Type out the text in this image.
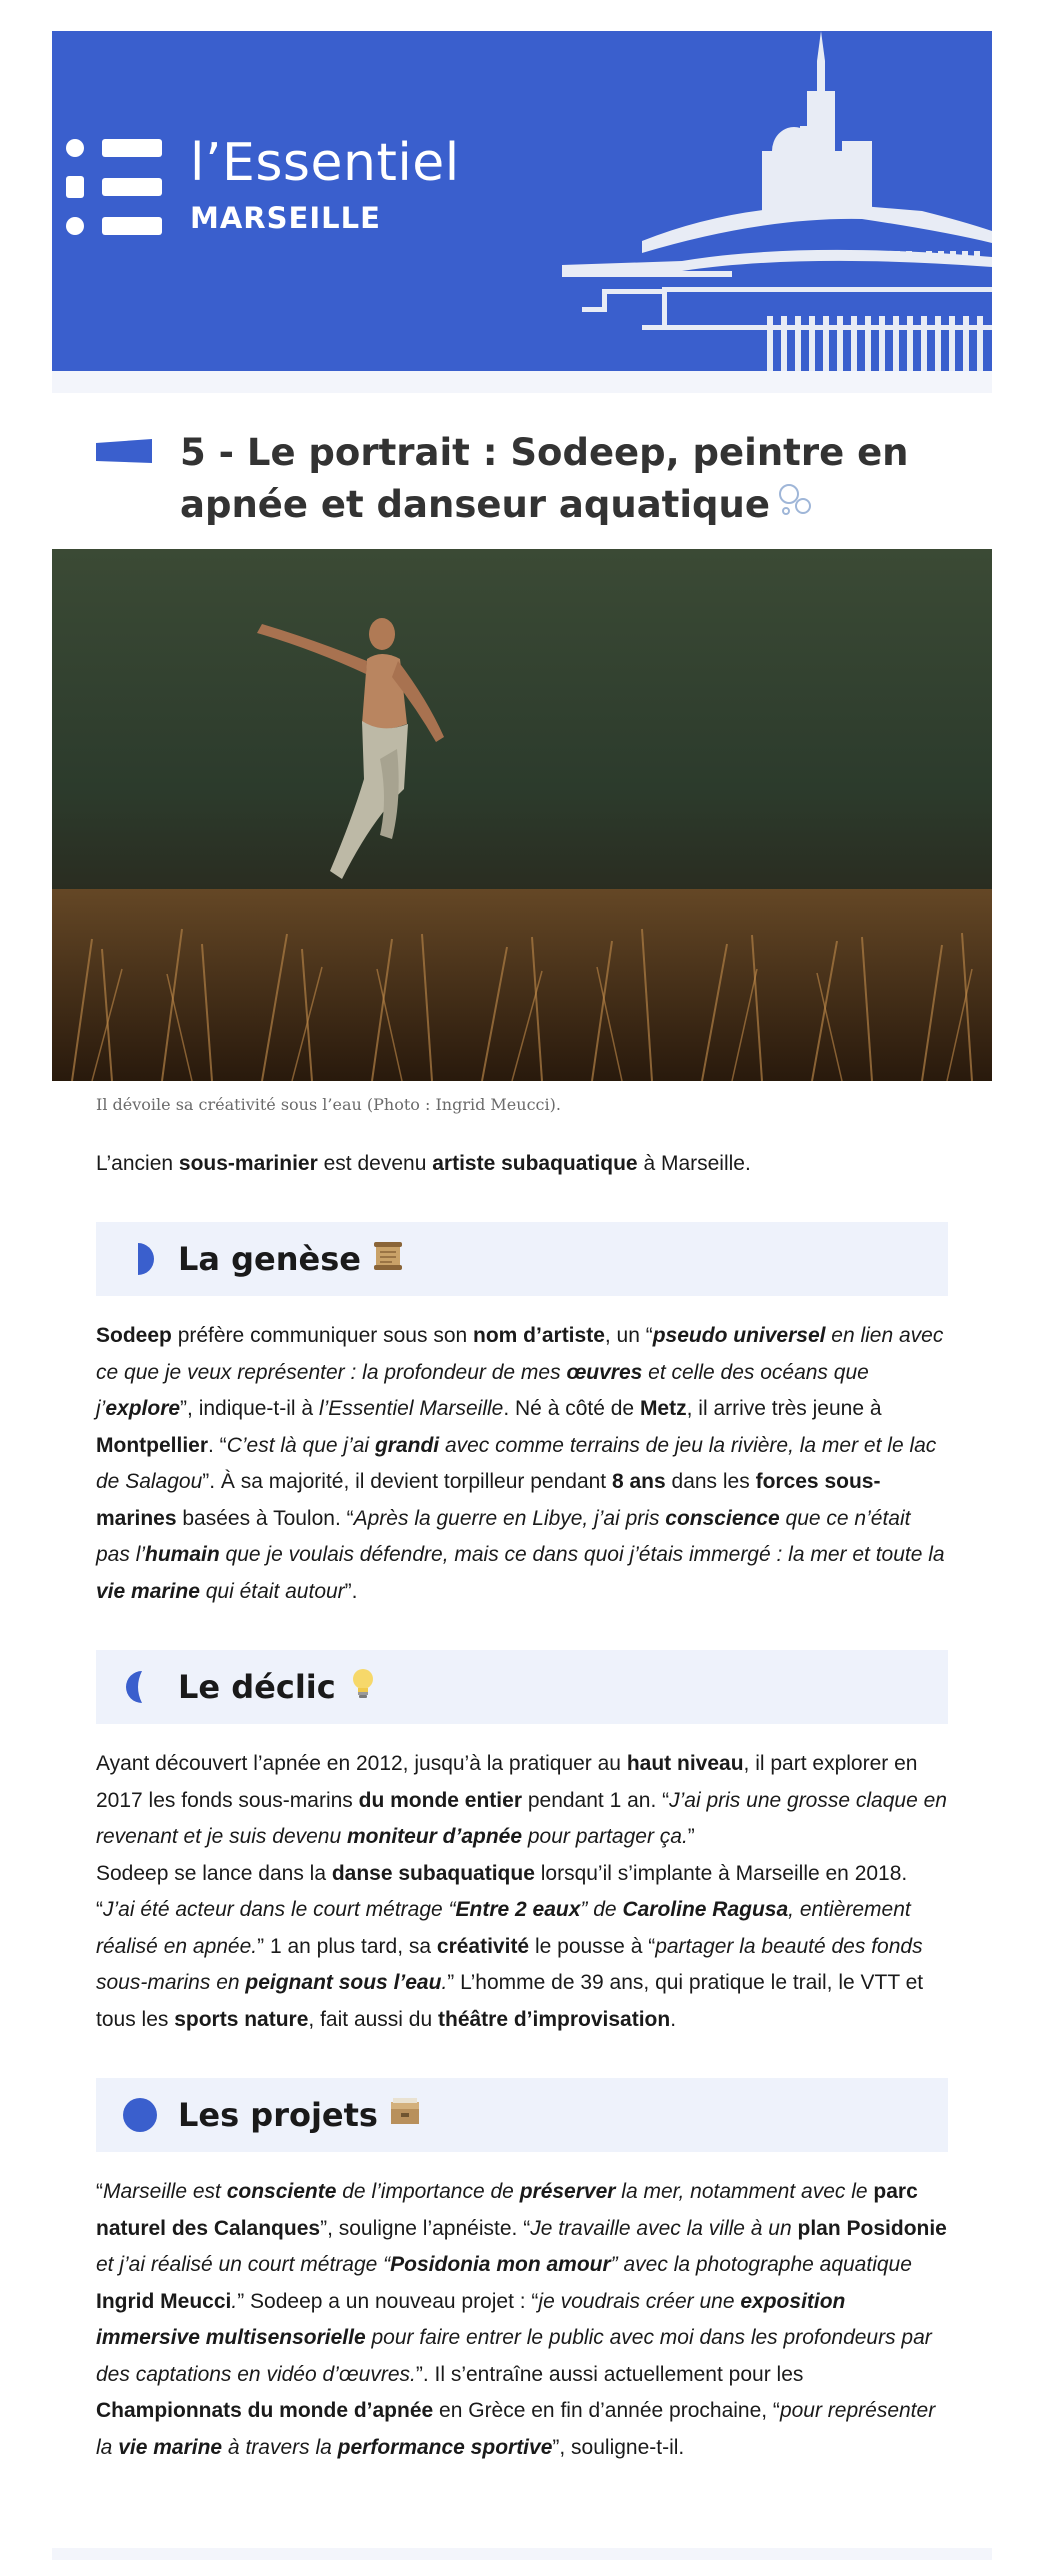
l’Essentiel
MARSEILLE
5 - Le portrait : Sodeep, peintre en apnée et danseur aquatique

Il dévoile sa créativité sous l’eau (Photo : Ingrid Meucci).

L’ancien sous-marinier est devenu artiste subaquatique à Marseille.

La genèse

Sodeep préfère communiquer sous son nom d’artiste, un “pseudo universel en lien avec ce que je veux représenter : la profondeur de mes œuvres et celle des océans que j’explore”, indique-t-il à l’Essentiel Marseille. Né à côté de Metz, il arrive très jeune à Montpellier. “C’est là que j’ai grandi avec comme terrains de jeu la rivière, la mer et le lac de Salagou”. À sa majorité, il devient torpilleur pendant 8 ans dans les forces sous-marines basées à Toulon. “Après la guerre en Libye, j’ai pris conscience que ce n’était pas l’humain que je voulais défendre, mais ce dans quoi j’étais immergé : la mer et toute la vie marine qui était autour”.

Le déclic

Ayant découvert l’apnée en 2012, jusqu’à la pratiquer au haut niveau, il part explorer en 2017 les fonds sous-marins du monde entier pendant 1 an. “J’ai pris une grosse claque en revenant et je suis devenu moniteur d’apnée pour partager ça.”
Sodeep se lance dans la danse subaquatique lorsqu’il s’implante à Marseille en 2018. “J’ai été acteur dans le court métrage “Entre 2 eaux” de Caroline Ragusa, entièrement réalisé en apnée.” 1 an plus tard, sa créativité le pousse à “partager la beauté des fonds sous-marins en peignant sous l’eau.” L’homme de 39 ans, qui pratique le trail, le VTT et tous les sports nature, fait aussi du théâtre d’improvisation.

Les projets

“Marseille est consciente de l’importance de préserver la mer, notamment avec le parc naturel des Calanques”, souligne l’apnéiste. “Je travaille avec la ville à un plan Posidonie et j’ai réalisé un court métrage “Posidonia mon amour” avec la photographe aquatique Ingrid Meucci.” Sodeep a un nouveau projet : “je voudrais créer une exposition immersive multisensorielle pour faire entrer le public avec moi dans les profondeurs par des captations en vidéo d’œuvres.”. Il s’entraîne aussi actuellement pour les Championnats du monde d’apnée en Grèce en fin d’année prochaine, “pour représenter la vie marine à travers la performance sportive”, souligne-t-il.
